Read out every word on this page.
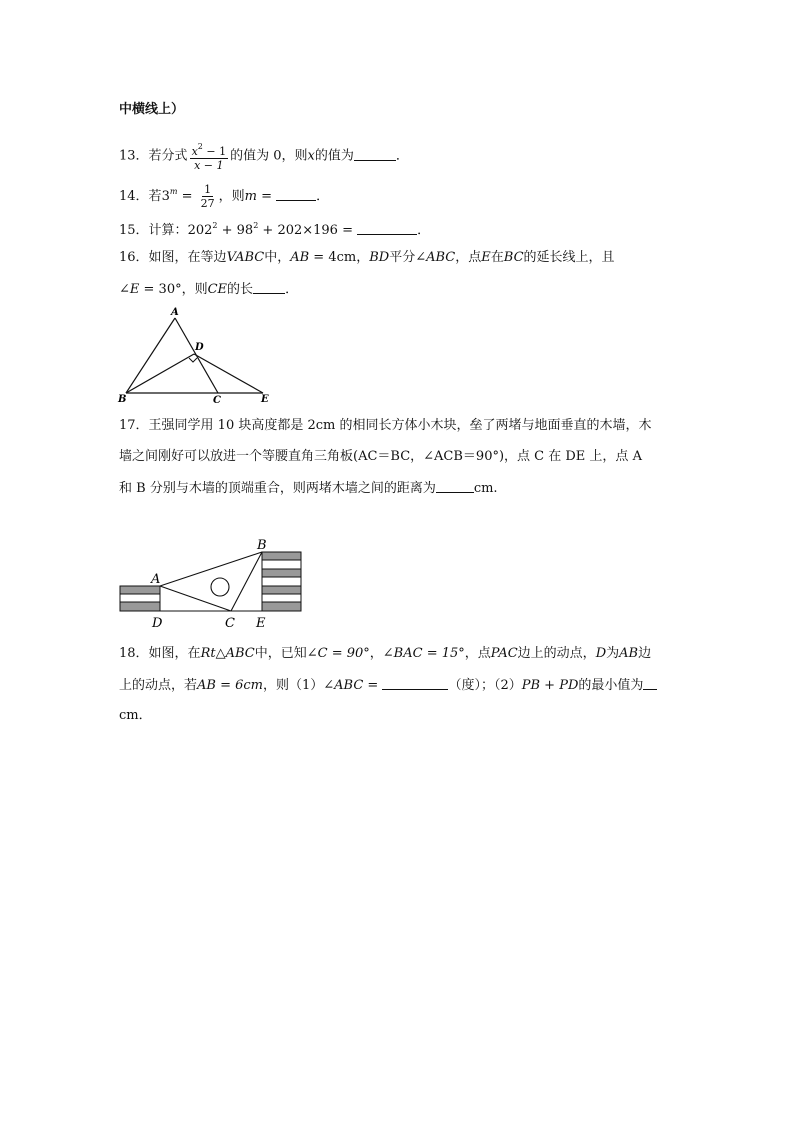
中横线上）
13．若分式 $\frac{x^2 - 1}{x - 1}$ 的值为 0，则x的值为	．
14．若$3^m = \frac{1}{27}$ ，则m =	．
15．计算：$202^2 + 98^2 + 202\times 196$ =	．
16．如图，在等边VABC中，AB = 4cm，BD平分∠ABC，点E在BC的延长线上，且
∠E = 30°，则CE的长 ．
A
D
B	C	E
17．王强同学用 10 块高度都是 2cm 的相同长方体小木块，垒了两堵与地面垂直的木墙，木
墙之间刚好可以放进一个等腰直角三角板(AC＝BC，∠ACB＝90°)，点 C 在 DE 上，点 A
和 B 分别与木墙的顶端重合，则两堵木墙之间的距离为	cm.
B
A
D	C E
18．如图，在Rt△ABC中，已知∠C = 90°，∠BAC = 15°，点PAC边上的动点，D为AB边
上的动点，若AB = 6cm，则（1）∠ABC =	（度）；（2）PB + PD的最小值为
cm．
